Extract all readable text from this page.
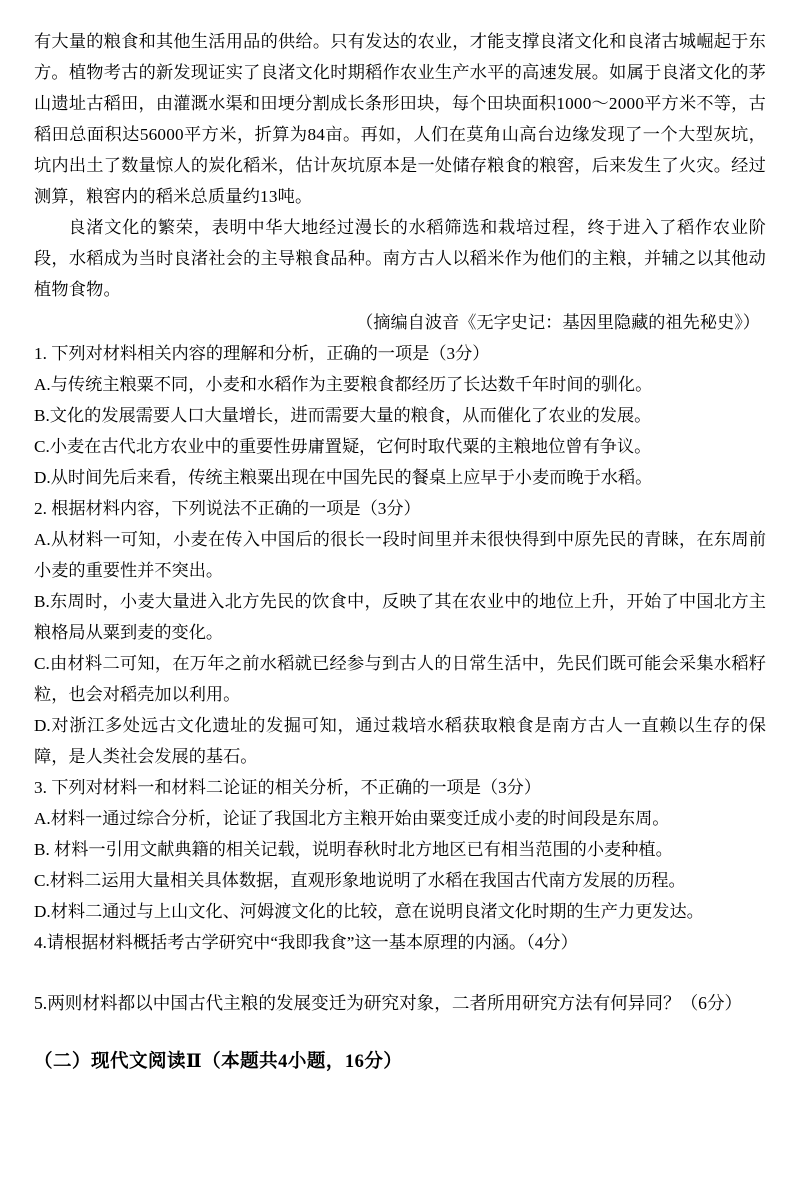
有大量的粮食和其他生活用品的供给。只有发达的农业，才能支撑良渚文化和良渚古城崛起于东方。植物考古的新发现证实了良渚文化时期稻作农业生产水平的高速发展。如属于良渚文化的茅山遗址古稻田，由灌溉水渠和田埂分割成长条形田块，每个田块面积1000～2000平方米不等，古稻田总面积达56000平方米，折算为84亩。再如，人们在莫角山高台边缘发现了一个大型灰坑，坑内出土了数量惊人的炭化稻米，估计灰坑原本是一处储存粮食的粮窖，后来发生了火灾。经过测算，粮窖内的稻米总质量约13吨。

良渚文化的繁荣，表明中华大地经过漫长的水稻筛选和栽培过程，终于进入了稻作农业阶段，水稻成为当时良渚社会的主导粮食品种。南方古人以稻米作为他们的主粮，并辅之以其他动植物食物。

（摘编自波音《无字史记：基因里隐藏的祖先秘史》）

1. 下列对材料相关内容的理解和分析，正确的一项是（3分）

A.与传统主粮粟不同，小麦和水稻作为主要粮食都经历了长达数千年时间的驯化。

B.文化的发展需要人口大量增长，进而需要大量的粮食，从而催化了农业的发展。

C.小麦在古代北方农业中的重要性毋庸置疑，它何时取代粟的主粮地位曾有争议。

D.从时间先后来看，传统主粮粟出现在中国先民的餐桌上应早于小麦而晚于水稻。

2. 根据材料内容，下列说法不正确的一项是（3分）

A.从材料一可知，小麦在传入中国后的很长一段时间里并未很快得到中原先民的青睐，在东周前小麦的重要性并不突出。

B.东周时，小麦大量进入北方先民的饮食中，反映了其在农业中的地位上升，开始了中国北方主粮格局从粟到麦的变化。

C.由材料二可知，在万年之前水稻就已经参与到古人的日常生活中，先民们既可能会采集水稻籽粒，也会对稻壳加以利用。

D.对浙江多处远古文化遗址的发掘可知，通过栽培水稻获取粮食是南方古人一直赖以生存的保障，是人类社会发展的基石。

3. 下列对材料一和材料二论证的相关分析，不正确的一项是（3分）

A.材料一通过综合分析，论证了我国北方主粮开始由粟变迁成小麦的时间段是东周。

B. 材料一引用文献典籍的相关记载，说明春秋时北方地区已有相当范围的小麦种植。

C.材料二运用大量相关具体数据，直观形象地说明了水稻在我国古代南方发展的历程。

D.材料二通过与上山文化、河姆渡文化的比较，意在说明良渚文化时期的生产力更发达。

4.请根据材料概括考古学研究中“我即我食”这一基本原理的内涵。（4分）

5.两则材料都以中国古代主粮的发展变迁为研究对象，二者所用研究方法有何异同？（6分）

（二）现代文阅读Ⅱ（本题共4小题，16分）
